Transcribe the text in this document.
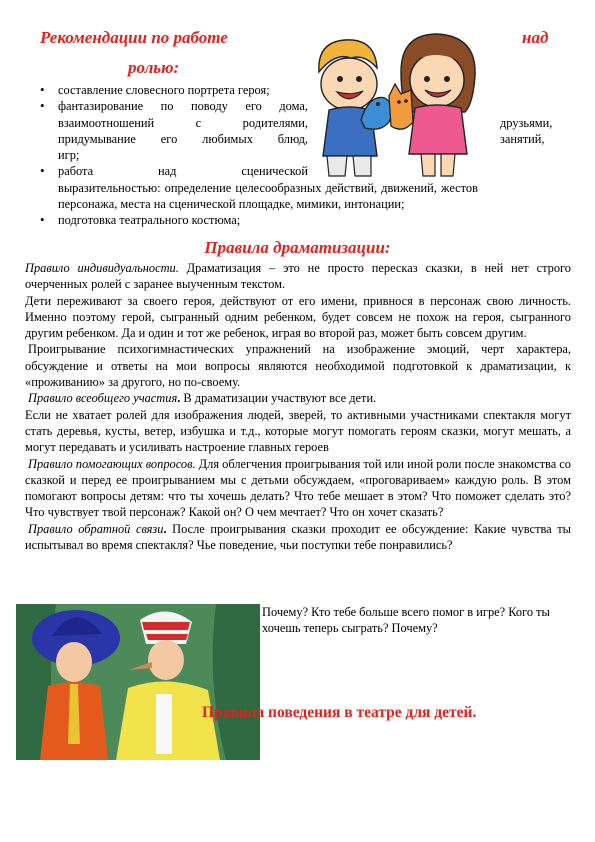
Рекомендации по работе	над
ролью:
• составление словесного портрета героя;
• фантазирование по поводу его дома,
взаимоотношений с родителями,	друзьями,
придумывание его любимых блюд,	занятий,
игр;
• работа над сценической
выразительностью: определение целесообразных действий, движений, жестов
персонажа, места на сценической площадке, мимики, интонации;
• подготовка театрального костюма;
Правила драматизации:

Правило индивидуальности. Драматизация – это не просто пересказ сказки, в ней нет строго очерченных ролей с заранее выученным текстом.

Дети переживают за своего героя, действуют от его имени, привнося в персонаж свою личность. Именно поэтому герой, сыгранный одним ребенком, будет совсем не похож на героя, сыгранного другим ребенком. Да и один и тот же ребенок, играя во второй раз, может быть совсем другим.

Проигрывание психогимнастических упражнений на изображение эмоций, черт характера, обсуждение и ответы на мои вопросы являются необходимой подготовкой к драматизации, к «проживанию» за другого, но по-своему.

Правило всеобщего участия. В драматизации участвуют все дети.

Если не хватает ролей для изображения людей, зверей, то активными участниками спектакля могут стать деревья, кусты, ветер, избушка и т.д., которые могут помогать героям сказки, могут мешать, а могут передавать и усиливать настроение главных героев

Правило помогающих вопросов. Для облегчения проигрывания той или иной роли после знакомства со сказкой и перед ее проигрыванием мы с детьми обсуждаем, «проговариваем» каждую роль. В этом помогают вопросы детям: что ты хочешь делать? Что тебе мешает в этом? Что поможет сделать это? Что чувствует твой персонаж? Какой он? О чем мечтает? Что он хочет сказать?

Правило обратной связи. После проигрывания сказки проходит ее обсуждение: Какие чувства ты испытывал во время спектакля? Чье поведение, чьи поступки тебе понравились?

Почему? Кто тебе больше всего помог в игре? Кого ты хочешь теперь сыграть? Почему?
Правила поведения в театре для детей.
